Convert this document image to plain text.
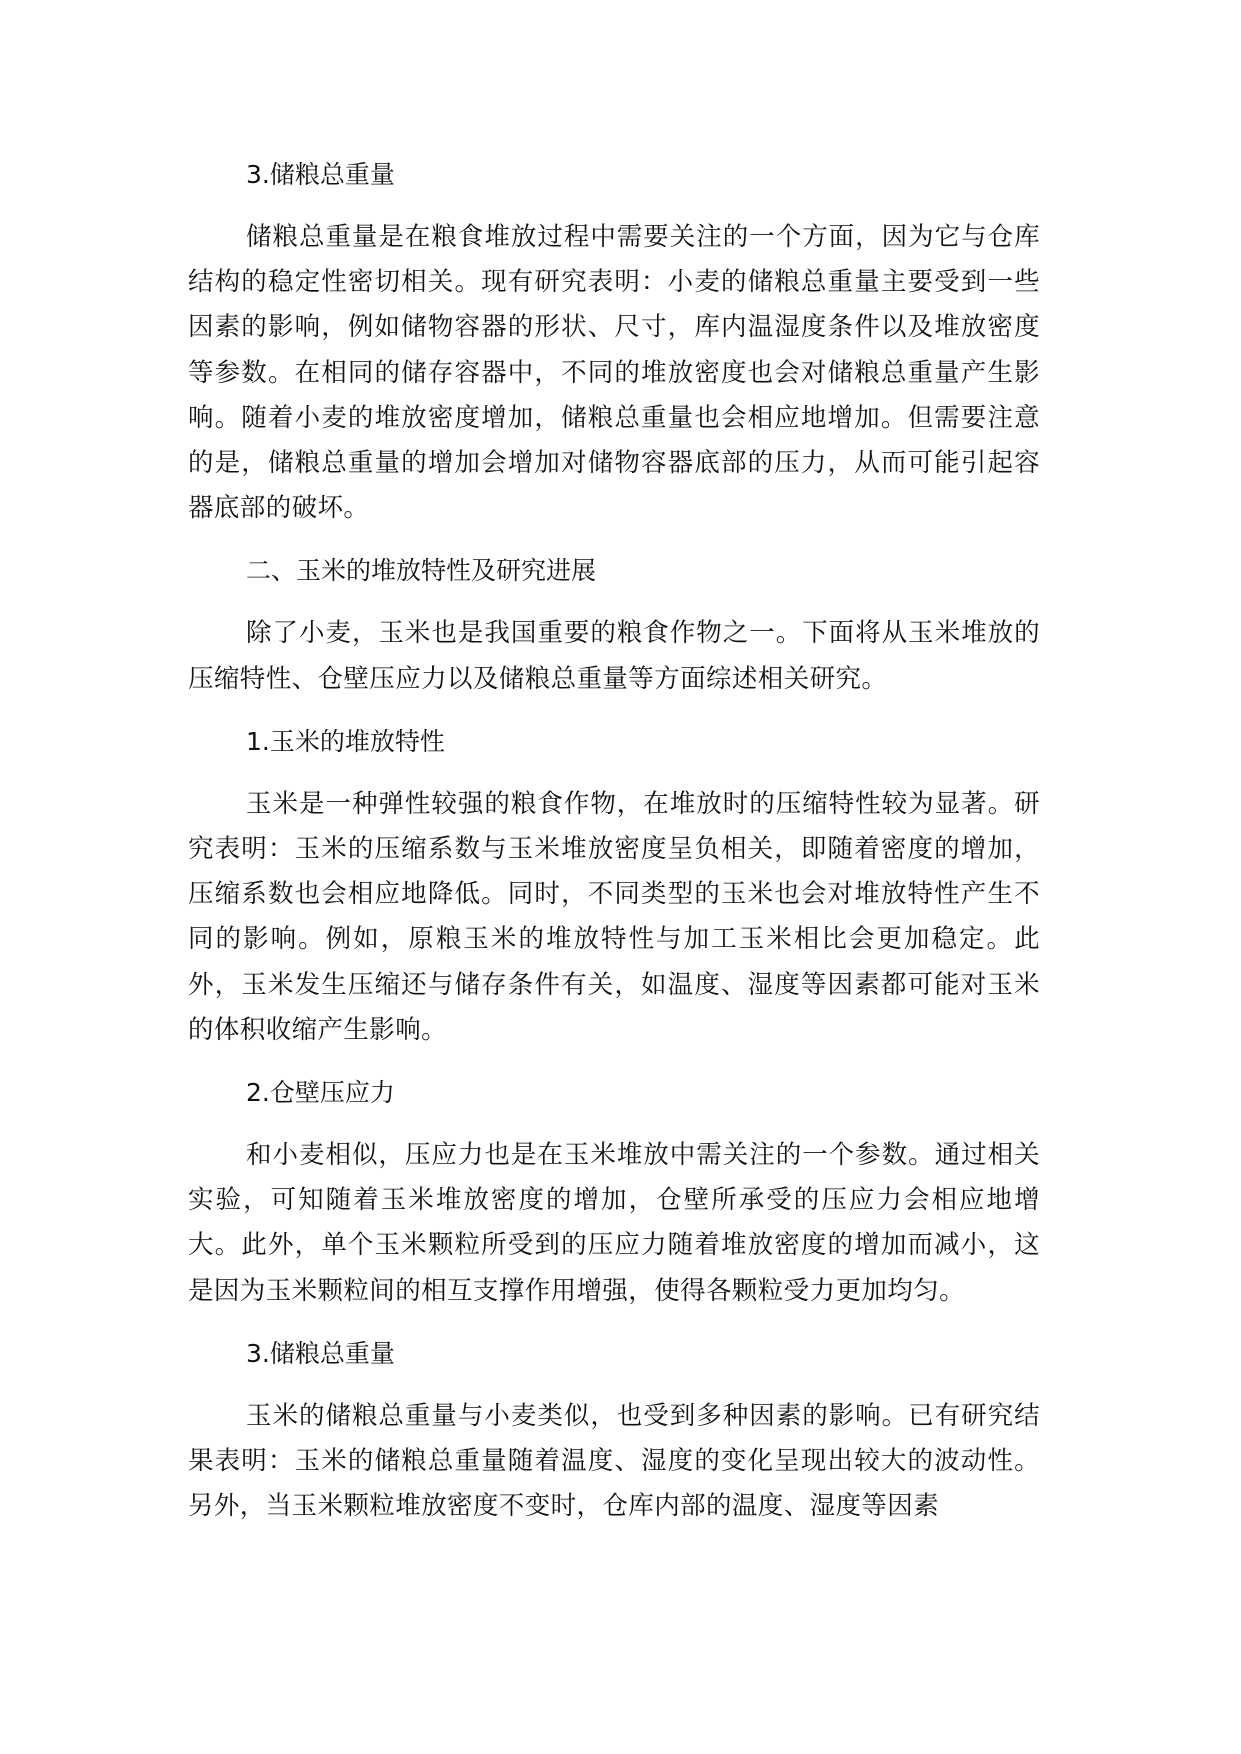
3.储粮总重量

储粮总重量是在粮食堆放过程中需要关注的一个方面，因为它与仓库结构的稳定性密切相关。现有研究表明：小麦的储粮总重量主要受到一些因素的影响，例如储物容器的形状、尺寸，库内温湿度条件以及堆放密度等参数。在相同的储存容器中，不同的堆放密度也会对储粮总重量产生影响。随着小麦的堆放密度增加，储粮总重量也会相应地增加。但需要注意的是，储粮总重量的增加会增加对储物容器底部的压力，从而可能引起容器底部的破坏。

二、玉米的堆放特性及研究进展

除了小麦，玉米也是我国重要的粮食作物之一。下面将从玉米堆放的压缩特性、仓壁压应力以及储粮总重量等方面综述相关研究。

1.玉米的堆放特性

玉米是一种弹性较强的粮食作物，在堆放时的压缩特性较为显著。研究表明：玉米的压缩系数与玉米堆放密度呈负相关，即随着密度的增加，压缩系数也会相应地降低。同时，不同类型的玉米也会对堆放特性产生不同的影响。例如，原粮玉米的堆放特性与加工玉米相比会更加稳定。此外，玉米发生压缩还与储存条件有关，如温度、湿度等因素都可能对玉米的体积收缩产生影响。

2.仓壁压应力

和小麦相似，压应力也是在玉米堆放中需关注的一个参数。通过相关实验，可知随着玉米堆放密度的增加，仓壁所承受的压应力会相应地增大。此外，单个玉米颗粒所受到的压应力随着堆放密度的增加而减小，这是因为玉米颗粒间的相互支撑作用增强，使得各颗粒受力更加均匀。

3.储粮总重量

玉米的储粮总重量与小麦类似，也受到多种因素的影响。已有研究结果表明：玉米的储粮总重量随着温度、湿度的变化呈现出较大的波动性。另外，当玉米颗粒堆放密度不变时，仓库内部的温度、湿度等因素
